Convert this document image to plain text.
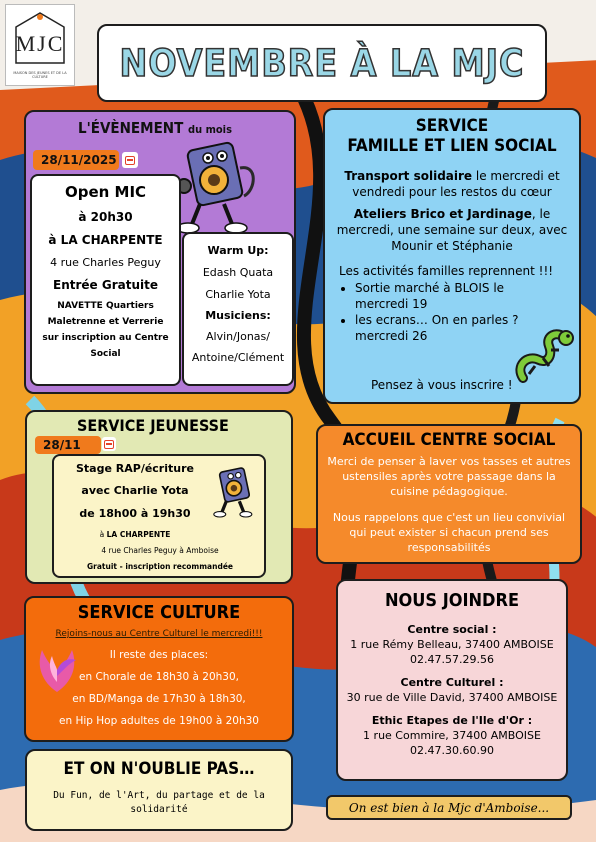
MJC
MAISON DES JEUNES ET DE LA CULTURE	NOVEMBRE À LA MJC
L'ÉVÈNEMENT du mois
28/11/2025
Open MIC
à 20h30
à LA CHARPENTE
4 rue Charles Peguy
Entrée Gratuite
NAVETTE Quartiers Maletrenne et Verrerie
sur inscription au Centre Social
Warm Up:
Edash Quata
Charlie Yota
Musiciens:
Alvin/Jonas/ Antoine/Clément
SERVICE
FAMILLE ET LIEN SOCIAL
Transport solidaire le mercredi et vendredi pour les restos du cœur
Ateliers Brico et Jardinage, le mercredi, une semaine sur deux, avec Mounir et Stéphanie
Les activités familles reprennent !!!
• Sortie marché à BLOIS le mercredi 19
• les ecrans… On en parles ? mercredi 26
Pensez à vous inscrire !
SERVICE JEUNESSE
28/11
Stage RAP/écriture
avec Charlie Yota
de 18h00 à 19h30
à LA CHARPENTE
4 rue Charles Peguy à Amboise
Gratuit - inscription recommandée
ACCUEIL CENTRE SOCIAL
Merci de penser à laver vos tasses et autres ustensiles après votre passage dans la cuisine pédagogique.
Nous rappelons que c'est un lieu convivial qui peut exister si chacun prend ses responsabilités
SERVICE CULTURE
Rejoins-nous au Centre Culturel le mercredi!!!
Il reste des places:
en Chorale de 18h30 à 20h30,
en BD/Manga de 17h30 à 18h30,
en Hip Hop adultes de 19h00 à 20h30
NOUS JOINDRE
Centre social :
1 rue Rémy Belleau, 37400 AMBOISE
02.47.57.29.56
Centre Culturel :
30 rue de Ville David, 37400 AMBOISE
Ethic Etapes de l'Ile d'Or :
1 rue Commire, 37400 AMBOISE
02.47.30.60.90
ET ON N'OUBLIE PAS…
Du Fun, de l'Art, du partage et de la solidarité	On est bien à la Mjc d'Amboise...
